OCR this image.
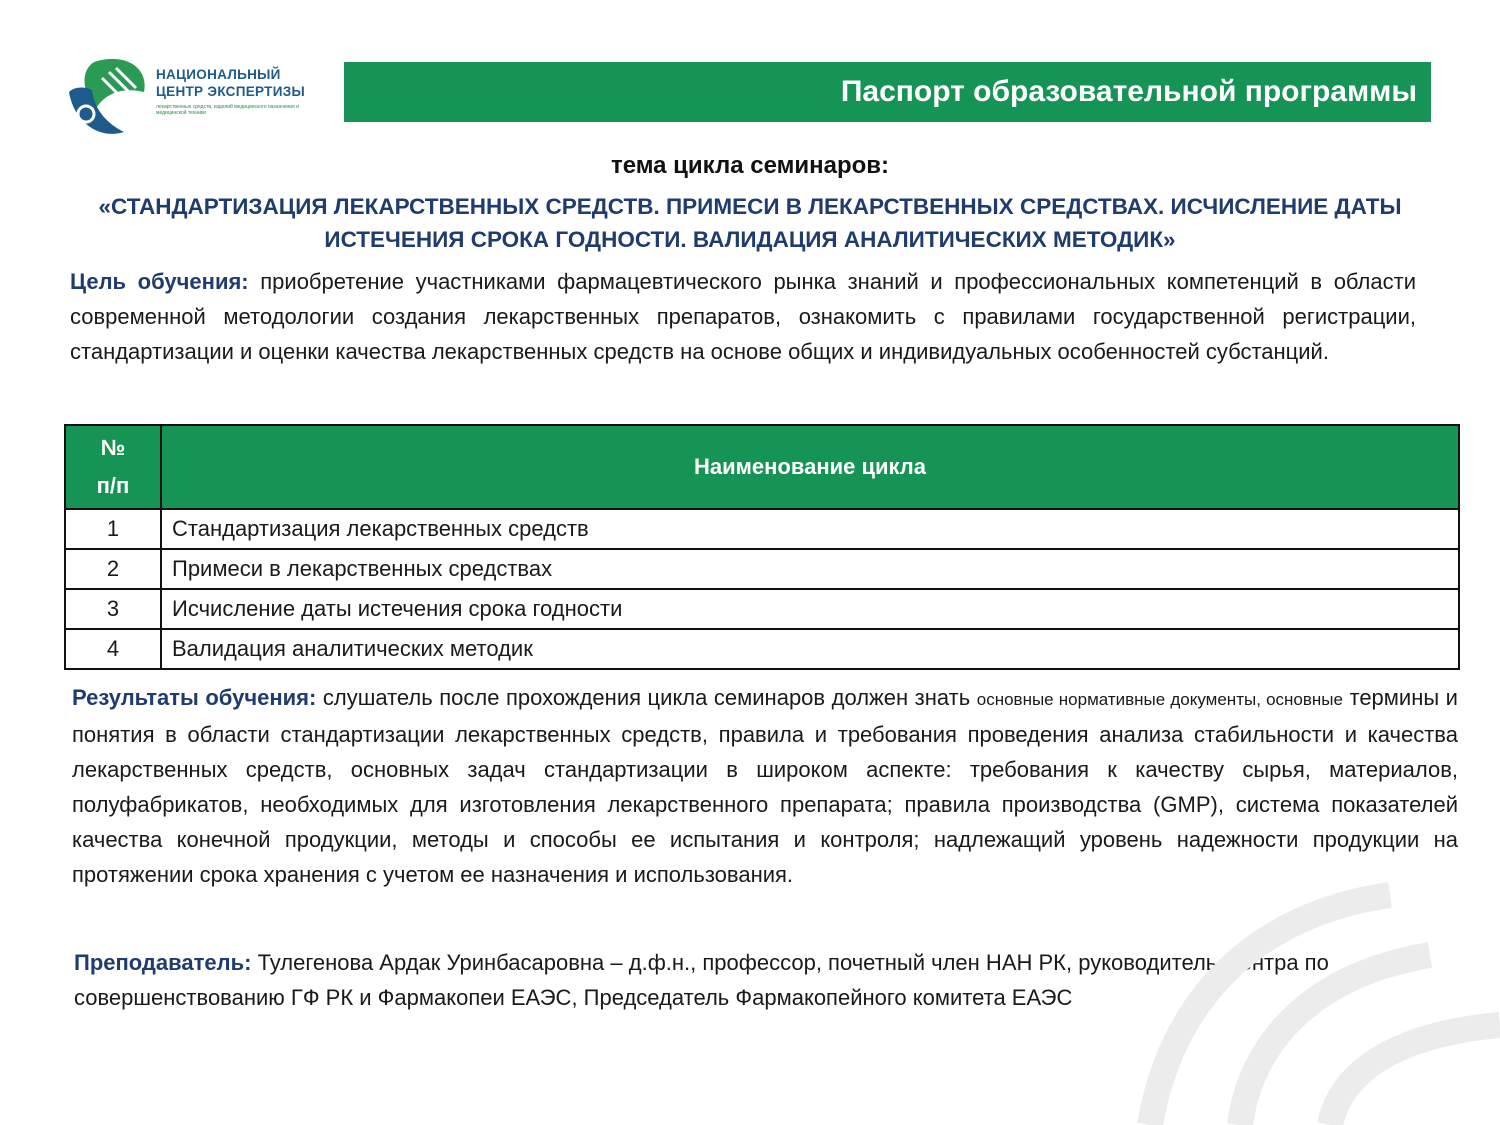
НАЦИОНАЛЬНЫЙ
ЦЕНТР ЭКСПЕРТИЗЫ
лекарственных средств, изделий медицинского назначения и медицинской техники
Паспорт образовательной программы
тема цикла семинаров:
«СТАНДАРТИЗАЦИЯ ЛЕКАРСТВЕННЫХ СРЕДСТВ. ПРИМЕСИ В ЛЕКАРСТВЕННЫХ СРЕДСТВАХ. ИСЧИСЛЕНИЕ ДАТЫ ИСТЕЧЕНИЯ СРОКА ГОДНОСТИ. ВАЛИДАЦИЯ АНАЛИТИЧЕСКИХ МЕТОДИК»
Цель обучения: приобретение участниками фармацевтического рынка знаний и профессиональных компетенций в области современной методологии создания лекарственных препаратов, ознакомить с правилами государственной регистрации, стандартизации и оценки качества лекарственных средств на основе общих и индивидуальных особенностей субстанций.
№
п/п	Наименование цикла
1	Стандартизация лекарственных средств
2	Примеси в лекарственных средствах
3	Исчисление даты истечения срока годности
4	Валидация аналитических методик
Результаты обучения: слушатель после прохождения цикла семинаров должен знать основные нормативные документы, основные термины и понятия в области стандартизации лекарственных средств, правила и требования проведения анализа стабильности и качества лекарственных средств, основных задач стандартизации в широком аспекте: требования к качеству сырья, материалов, полуфабрикатов, необходимых для изготовления лекарственного препарата; правила производства (GMP), система показателей качества конечной продукции, методы и способы ее испытания и контроля; надлежащий уровень надежности продукции на протяжении срока хранения с учетом ее назначения и использования.
Преподаватель: Тулегенова Ардак Уринбасаровна – д.ф.н., профессор, почетный член НАН РК, руководитель Центра по совершенствованию ГФ РК и Фармакопеи ЕАЭС, Председатель Фармакопейного комитета ЕАЭС
